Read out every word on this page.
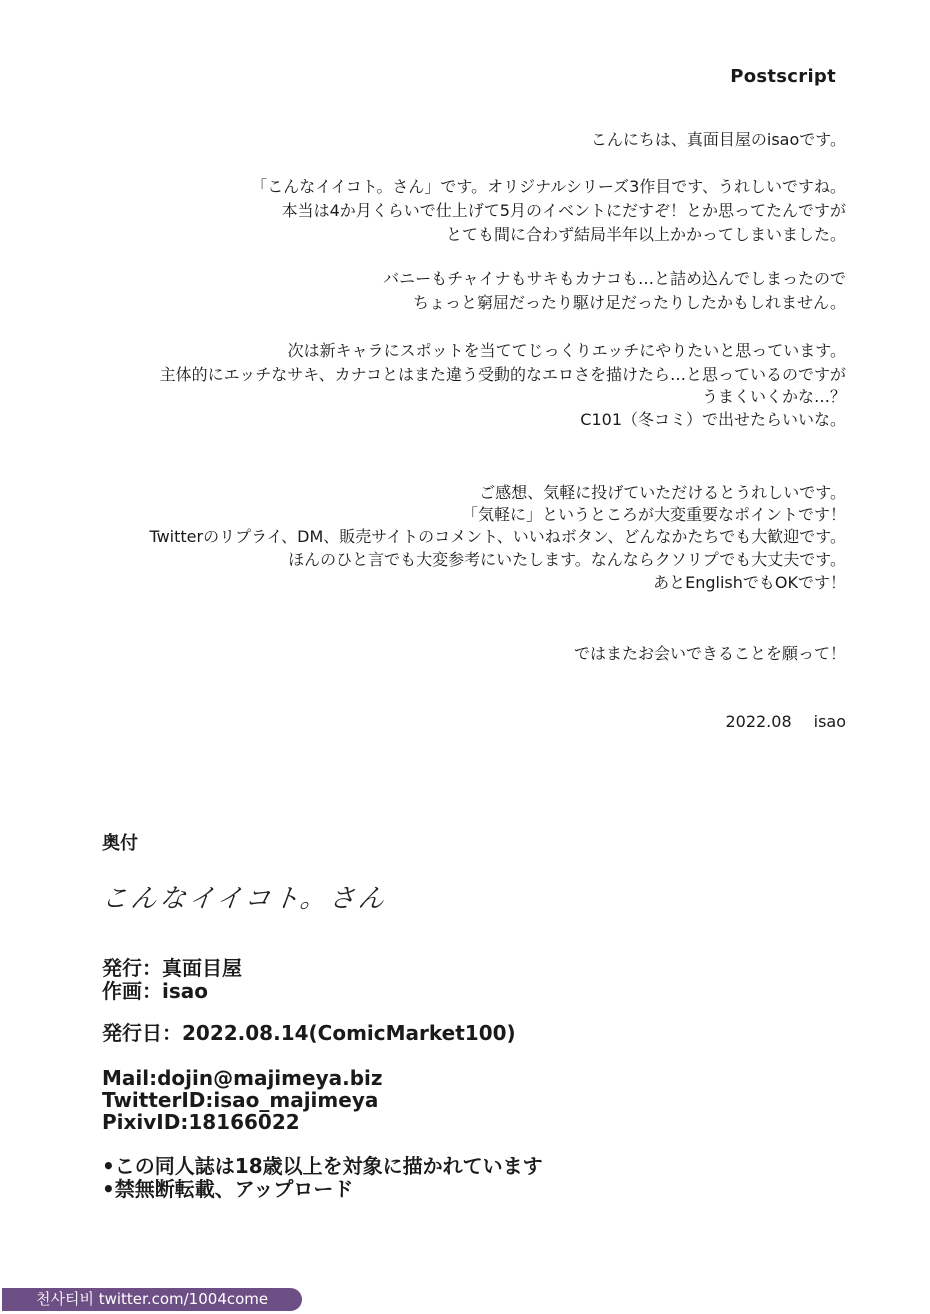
Postscript
こんにちは、真面目屋のisaoです。
「こんなイイコト。さん」です。オリジナルシリーズ3作目です、うれしいですね。
本当は4か月くらいで仕上げて5月のイベントにだすぞ！とか思ってたんですが
とても間に合わず結局半年以上かかってしまいました。
バニーもチャイナもサキもカナコも…と詰め込んでしまったので
ちょっと窮屈だったり駆け足だったりしたかもしれません。
次は新キャラにスポットを当ててじっくりエッチにやりたいと思っています。
主体的にエッチなサキ、カナコとはまた違う受動的なエロさを描けたら…と思っているのですが
うまくいくかな…？
C101（冬コミ）で出せたらいいな。
ご感想、気軽に投げていただけるとうれしいです。
「気軽に」というところが大変重要なポイントです！
Twitterのリプライ、DM、販売サイトのコメント、いいねボタン、どんなかたちでも大歓迎です。
ほんのひと言でも大変参考にいたします。なんならクソリプでも大丈夫です。
あとEnglishでもOKです！
ではまたお会いできることを願って！
2022.08 isao
奥付
こんなイイコト。さん
発行：真面目屋
作画：isao
発行日：2022.08.14(ComicMarket100)
Mail:dojin@majimeya.biz
TwitterID:isao_majimeya
PixivID:18166022
•この同人誌は18歳以上を対象に描かれています
•禁無断転載、アップロード
천사티비 twitter.com/1004come
